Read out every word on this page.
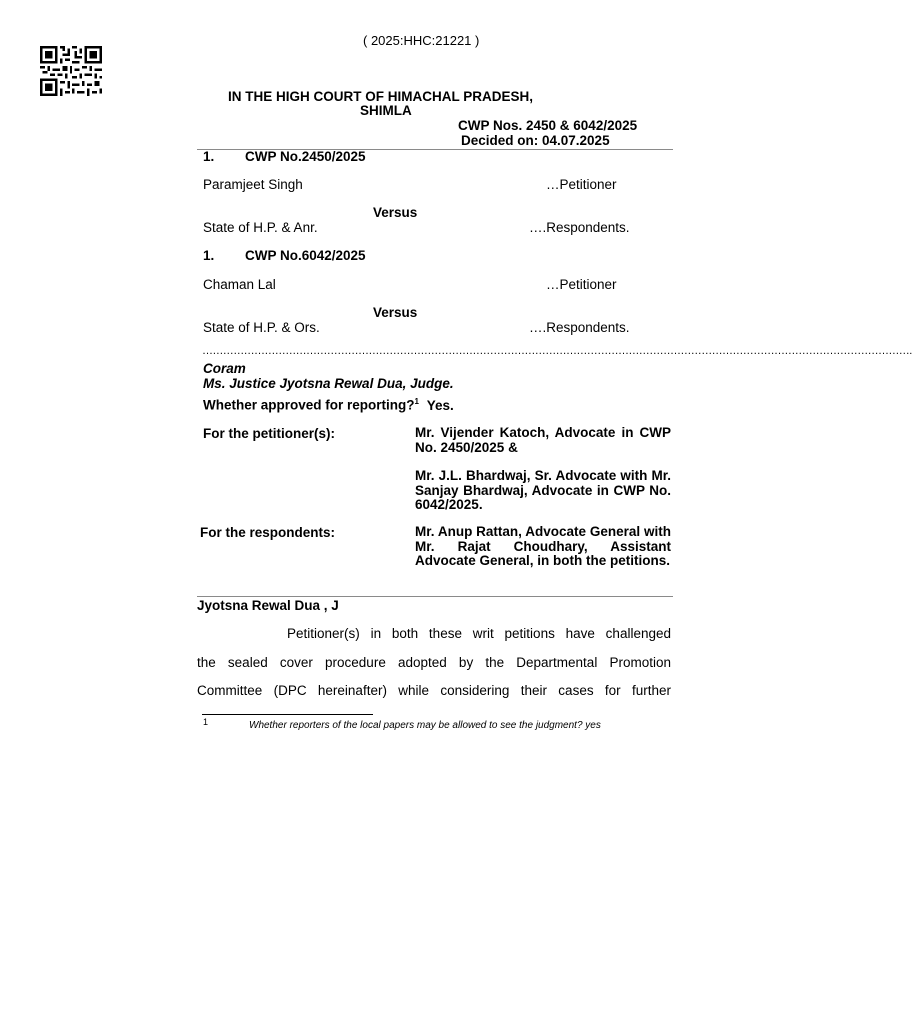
( 2025:HHC:21221 )
IN THE HIGH COURT OF HIMACHAL PRADESH,
SHIMLA
CWP Nos. 2450 & 6042/2025
Decided on: 04.07.2025
1. CWP No.2450/2025
Paramjeet Singh	…Petitioner
Versus
State of H.P. & Anr.	….Respondents.
1. CWP No.6042/2025
Chaman Lal	…Petitioner
Versus
State of H.P. & Ors.	….Respondents.
…………………………………………………………………………………………………………………………………………………………………………………….
Coram
Ms. Justice Jyotsna Rewal Dua, Judge.
Whether approved for reporting?$^1$ Yes.
For the petitioner(s):	Mr. Vijender Katoch, Advocate in CWP No. 2450/2025 &
Mr. J.L. Bhardwaj, Sr. Advocate with Mr. Sanjay Bhardwaj, Advocate in CWP No. 6042/2025.
For the respondents:	Mr. Anup Rattan, Advocate General with Mr. Rajat Choudhary, Assistant Advocate General, in both the petitions.
Jyotsna Rewal Dua , J
Petitioner(s) in both these writ petitions have challenged
the sealed cover procedure adopted by the Departmental Promotion
Committee (DPC hereinafter) while considering their cases for further
1	Whether reporters of the local papers may be allowed to see the judgment? yes
